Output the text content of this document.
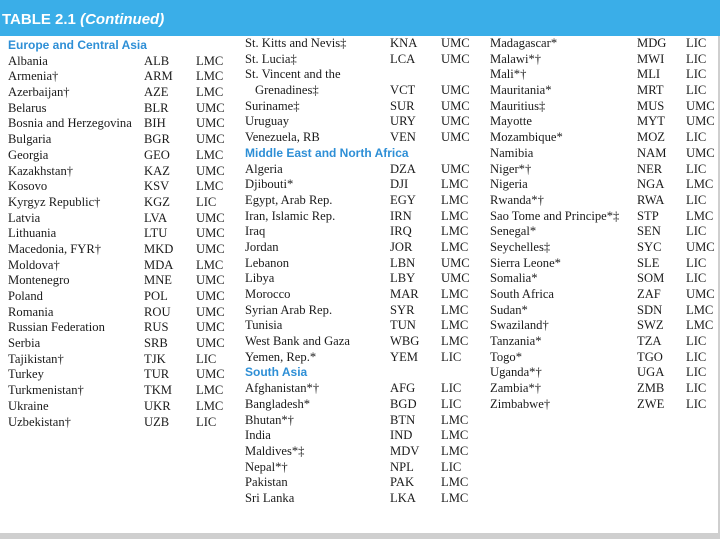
TABLE 2.1 (Continued)
Europe and Central Asia
Albania	ALB LMC
Armenia†	ARM LMC
Azerbaijan†	AZE LMC
Belarus	BLR UMC
Bosnia and Herzegovina BIH UMC
Bulgaria	BGR UMC
Georgia	GEO LMC
Kazakhstan†	KAZ UMC
Kosovo	KSV LMC
Kyrgyz Republic†	KGZ LIC
Latvia	LVA UMC
Lithuania	LTU UMC
Macedonia, FYR†	MKD UMC
Moldova†	MDA LMC
Montenegro	MNE UMC
Poland	POL UMC
Romania	ROU UMC
Russian Federation	RUS UMC
Serbia	SRB UMC
Tajikistan†	TJK LIC
Turkey	TUR UMC
Turkmenistan†	TKM LMC
Ukraine	UKR LMC
Uzbekistan†	UZB LIC
St. Kitts and Nevis‡	KNA UMC
St. Lucia‡	LCA UMC
St. Vincent and the
Grenadines‡	VCT UMC
Suriname‡	SUR UMC
Uruguay	URY UMC
Venezuela, RB	VEN UMC
Middle East and North Africa
Algeria	DZA UMC
Djibouti*	DJI	LMC
Egypt, Arab Rep.	EGY LMC
Iran, Islamic Rep.	IRN LMC
Iraq	IRQ LMC
Jordan	JOR LMC
Lebanon	LBN UMC
Libya	LBY UMC
Morocco	MAR LMC
Syrian Arab Rep.	SYR LMC
Tunisia	TUN LMC
West Bank and Gaza	WBG LMC
Yemen, Rep.*	YEM LIC
South Asia
Afghanistan*†	AFG LIC
Bangladesh*	BGD LIC
Bhutan*†	BTN LMC
India	IND LMC
Maldives*‡	MDV LMC
Nepal*†	NPL LIC
Pakistan	PAK LMC
Sri Lanka	LKA LMC
Madagascar*	MDG LIC
Malawi*†	MWI LIC
Mali*†	MLI LIC
Mauritania*	MRT LIC
Mauritius‡	MUS UMC
Mayotte	MYT UMC
Mozambique*	MOZ LIC
Namibia	NAM UMC
Niger*†	NER LIC
Nigeria	NGA LMC
Rwanda*†	RWA LIC
Sao Tome and Principe*‡ STP LMC
Senegal*	SEN LIC
Seychelles‡	SYC UMC
Sierra Leone*	SLE LIC
Somalia*	SOM LIC
South Africa	ZAF UMC
Sudan*	SDN LMC
Swaziland†	SWZ LMC
Tanzania*	TZA LIC
Togo*	TGO LIC
Uganda*†	UGA LIC
Zambia*†	ZMB LIC
Zimbabwe†	ZWE LIC
